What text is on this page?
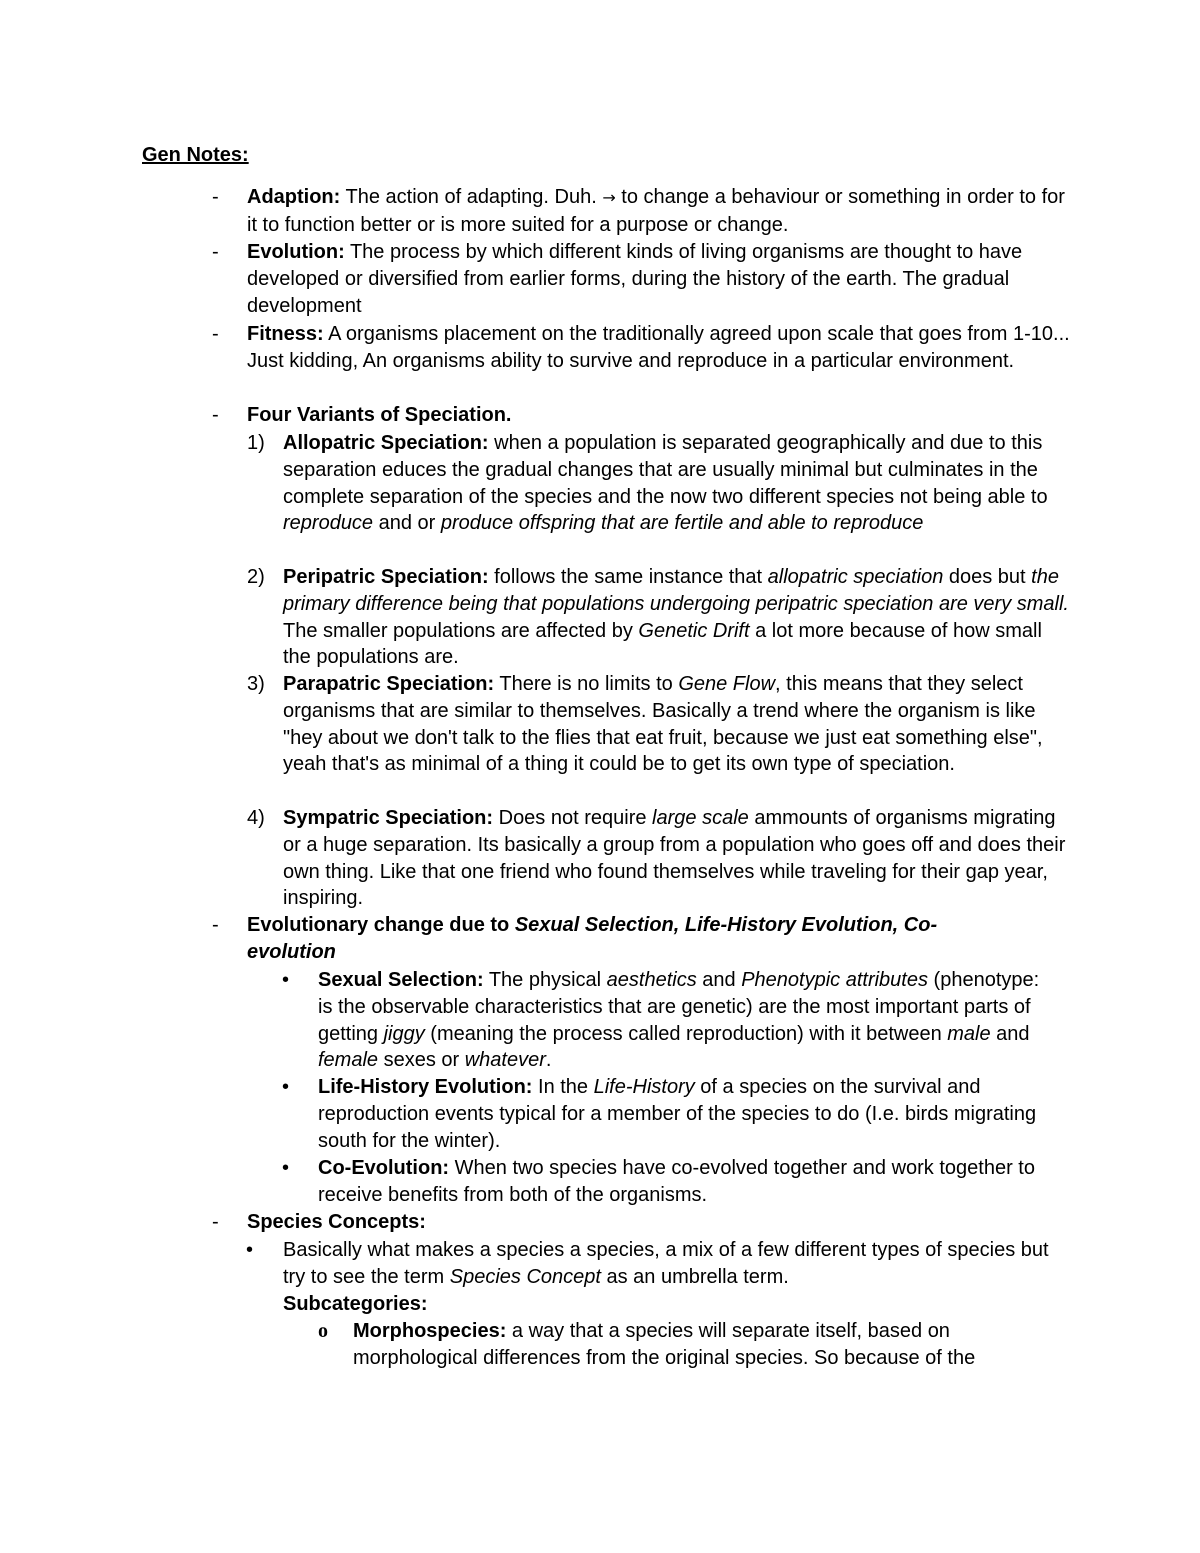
Gen Notes:

- Adaption: The action of adapting. Duh. → to change a behaviour or something in order to for it to function better or is more suited for a purpose or change.
- Evolution: The process by which different kinds of living organisms are thought to have developed or diversified from earlier forms, during the history of the earth. The gradual development
- Fitness: A organisms placement on the traditionally agreed upon scale that goes from 1-10... Just kidding, An organisms ability to survive and reproduce in a particular environment.
- Four Variants of Speciation.
1) Allopatric Speciation: when a population is separated geographically and due to this separation educes the gradual changes that are usually minimal but culminates in the complete separation of the species and the now two different species not being able to reproduce and or produce offspring that are fertile and able to reproduce
2) Peripatric Speciation: follows the same instance that allopatric speciation does but the primary difference being that populations undergoing peripatric speciation are very small. The smaller populations are affected by Genetic Drift a lot more because of how small the populations are.
3) Parapatric Speciation: There is no limits to Gene Flow, this means that they select organisms that are similar to themselves. Basically a trend where the organism is like "hey about we don't talk to the flies that eat fruit, because we just eat something else", yeah that's as minimal of a thing it could be to get its own type of speciation.
4) Sympatric Speciation: Does not require large scale ammounts of organisms migrating or a huge separation. Its basically a group from a population who goes off and does their own thing. Like that one friend who found themselves while traveling for their gap year, inspiring.
- Evolutionary change due to Sexual Selection, Life-History Evolution, Co-evolution
• Sexual Selection: The physical aesthetics and Phenotypic attributes (phenotype: is the observable characteristics that are genetic) are the most important parts of getting jiggy (meaning the process called reproduction) with it between male and female sexes or whatever.
• Life-History Evolution: In the Life-History of a species on the survival and reproduction events typical for a member of the species to do (I.e. birds migrating south for the winter).
• Co-Evolution: When two species have co-evolved together and work together to receive benefits from both of the organisms.
- Species Concepts:
• Basically what makes a species a species, a mix of a few different types of species but try to see the term Species Concept as an umbrella term.
Subcategories:
o Morphospecies: a way that a species will separate itself, based on morphological differences from the original species. So because of the
